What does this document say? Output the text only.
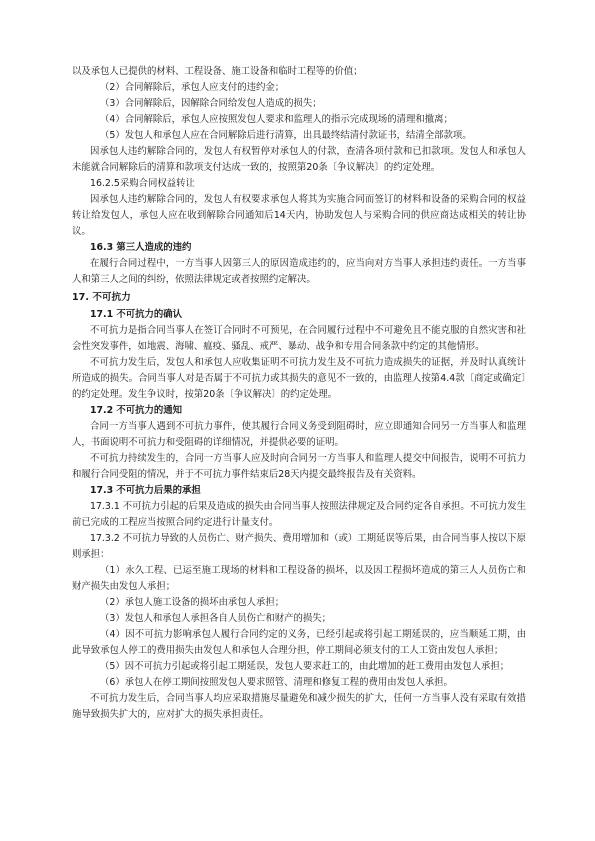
以及承包人已提供的材料、工程设备、施工设备和临时工程等的价值；

（2）合同解除后，承包人应支付的违约金；

（3）合同解除后，因解除合同给发包人造成的损失；

（4）合同解除后，承包人应按照发包人要求和监理人的指示完成现场的清理和撤离；

（5）发包人和承包人应在合同解除后进行清算，出具最终结清付款证书，结清全部款项。

因承包人违约解除合同的，发包人有权暂停对承包人的付款，查清各项付款和已扣款项。发包人和承包人未能就合同解除后的清算和款项支付达成一致的，按照第20条〔争议解决〕的约定处理。

16.2.5采购合同权益转让

因承包人违约解除合同的，发包人有权要求承包人将其为实施合同而签订的材料和设备的采购合同的权益转让给发包人，承包人应在收到解除合同通知后14天内，协助发包人与采购合同的供应商达成相关的转让协议。

16.3 第三人造成的违约

在履行合同过程中，一方当事人因第三人的原因造成违约的，应当向对方当事人承担违约责任。一方当事人和第三人之间的纠纷，依照法律规定或者按照约定解决。

17. 不可抗力
17.1 不可抗力的确认

不可抗力是指合同当事人在签订合同时不可预见，在合同履行过程中不可避免且不能克服的自然灾害和社会性突发事件，如地震、海啸、瘟疫、骚乱、戒严、暴动、战争和专用合同条款中约定的其他情形。

不可抗力发生后，发包人和承包人应收集证明不可抗力发生及不可抗力造成损失的证据，并及时认真统计所造成的损失。合同当事人对是否属于不可抗力或其损失的意见不一致的，由监理人按第4.4款〔商定或确定〕的约定处理。发生争议时，按第20条〔争议解决〕的约定处理。

17.2 不可抗力的通知

合同一方当事人遇到不可抗力事件，使其履行合同义务受到阻碍时，应立即通知合同另一方当事人和监理人，书面说明不可抗力和受阻碍的详细情况，并提供必要的证明。

不可抗力持续发生的，合同一方当事人应及时向合同另一方当事人和监理人提交中间报告，说明不可抗力和履行合同受阻的情况，并于不可抗力事件结束后28天内提交最终报告及有关资料。

17.3 不可抗力后果的承担

17.3.1 不可抗力引起的后果及造成的损失由合同当事人按照法律规定及合同约定各自承担。不可抗力发生前已完成的工程应当按照合同约定进行计量支付。

17.3.2 不可抗力导致的人员伤亡、财产损失、费用增加和（或）工期延误等后果，由合同当事人按以下原则承担：

（1）永久工程、已运至施工现场的材料和工程设备的损坏，以及因工程损坏造成的第三人人员伤亡和财产损失由发包人承担；

（2）承包人施工设备的损坏由承包人承担；

（3）发包人和承包人承担各自人员伤亡和财产的损失；

（4）因不可抗力影响承包人履行合同约定的义务，已经引起或将引起工期延误的，应当顺延工期，由此导致承包人停工的费用损失由发包人和承包人合理分担，停工期间必须支付的工人工资由发包人承担；

（5）因不可抗力引起或将引起工期延误，发包人要求赶工的，由此增加的赶工费用由发包人承担；

（6）承包人在停工期间按照发包人要求照管、清理和修复工程的费用由发包人承担。

不可抗力发生后，合同当事人均应采取措施尽量避免和减少损失的扩大，任何一方当事人没有采取有效措施导致损失扩大的，应对扩大的损失承担责任。
